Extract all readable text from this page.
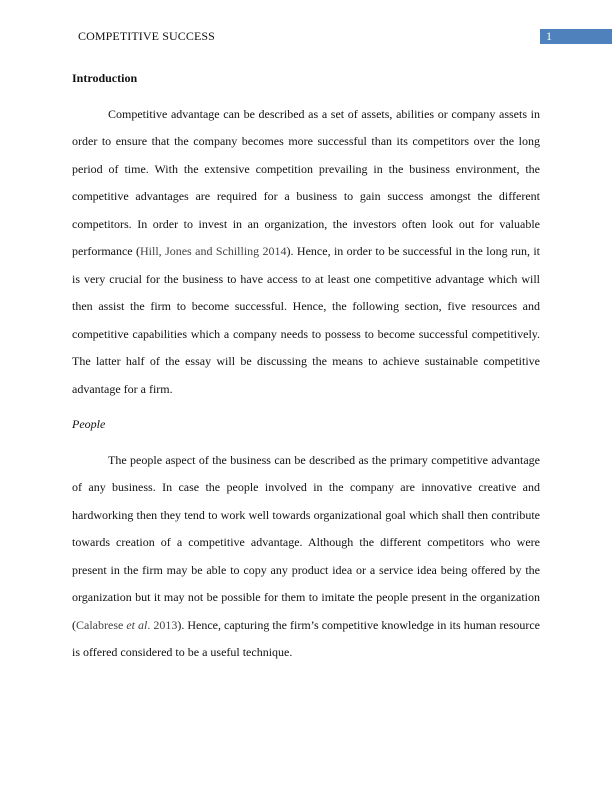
COMPETITIVE SUCCESS	1
Introduction

Competitive advantage can be described as a set of assets, abilities or company assets in order to ensure that the company becomes more successful than its competitors over the long period of time. With the extensive competition prevailing in the business environment, the competitive advantages are required for a business to gain success amongst the different competitors. In order to invest in an organization, the investors often look out for valuable performance (Hill, Jones and Schilling 2014). Hence, in order to be successful in the long run, it is very crucial for the business to have access to at least one competitive advantage which will then assist the firm to become successful. Hence, the following section, five resources and competitive capabilities which a company needs to possess to become successful competitively. The latter half of the essay will be discussing the means to achieve sustainable competitive advantage for a firm.

People

The people aspect of the business can be described as the primary competitive advantage of any business. In case the people involved in the company are innovative creative and hardworking then they tend to work well towards organizational goal which shall then contribute towards creation of a competitive advantage. Although the different competitors who were present in the firm may be able to copy any product idea or a service idea being offered by the organization but it may not be possible for them to imitate the people present in the organization (Calabrese et al. 2013). Hence, capturing the firm’s competitive knowledge in its human resource is offered considered to be a useful technique.
